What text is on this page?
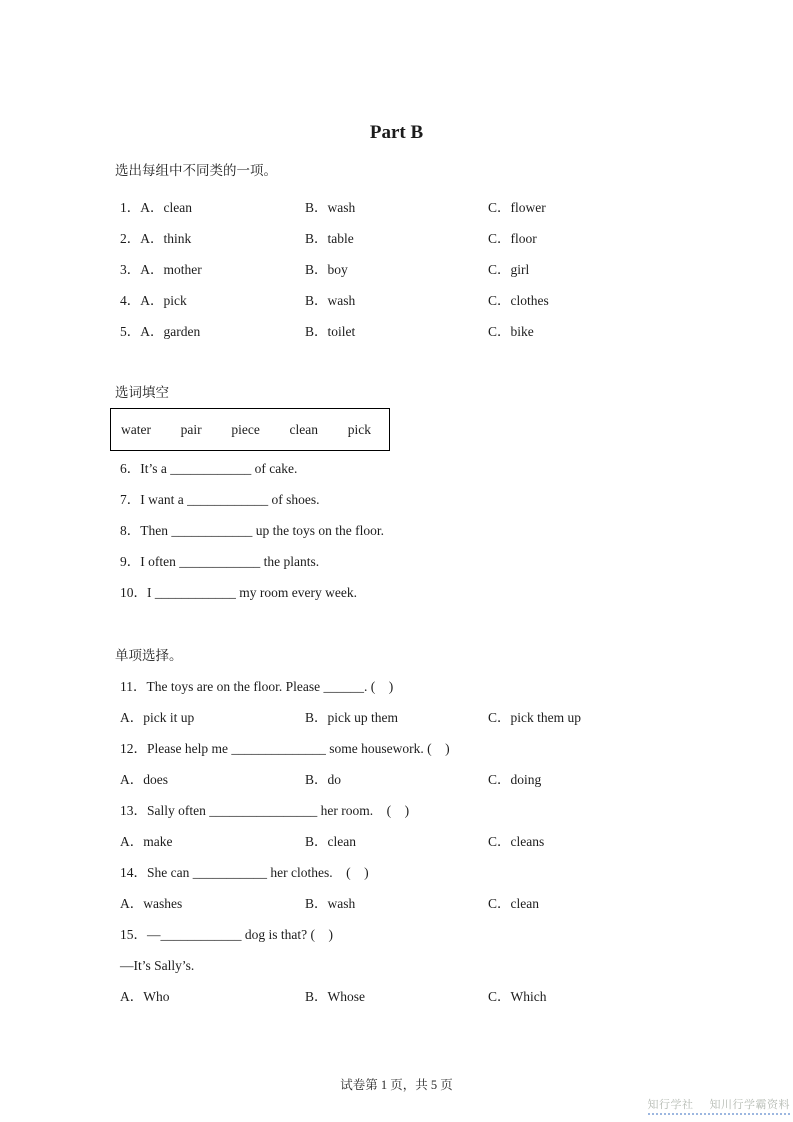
Part B
选出每组中不同类的一项。
1．A．clean	B．wash	C．flower
2．A．think	B．table	C．floor
3．A．mother	B．boy	C．girl
4．A．pick	B．wash	C．clothes
5．A．garden	B．toilet	C．bike
选词填空
water pair piece clean pick
6．It’s a ____________ of cake.
7．I want a ____________ of shoes.
8．Then ____________ up the toys on the floor.
9．I often ____________ the plants.
10．I ____________ my room every week.
单项选择。
11．The toys are on the floor. Please ______. (　)
A．pick it up	B．pick up them	C．pick them up
12．Please help me ______________ some housework. (　)
A．does	B．do	C．doing
13．Sally often ________________ her room.　(　)
A．make	B．clean	C．cleans
14．She can ___________ her clothes.　(　)
A．washes	B．wash	C．clean
15．—____________ dog is that? (　)
—It’s Sally’s.
A．Who	B．Whose	C．Which
试卷第 1 页，共 5 页
知行学社 知川行学霸资料
